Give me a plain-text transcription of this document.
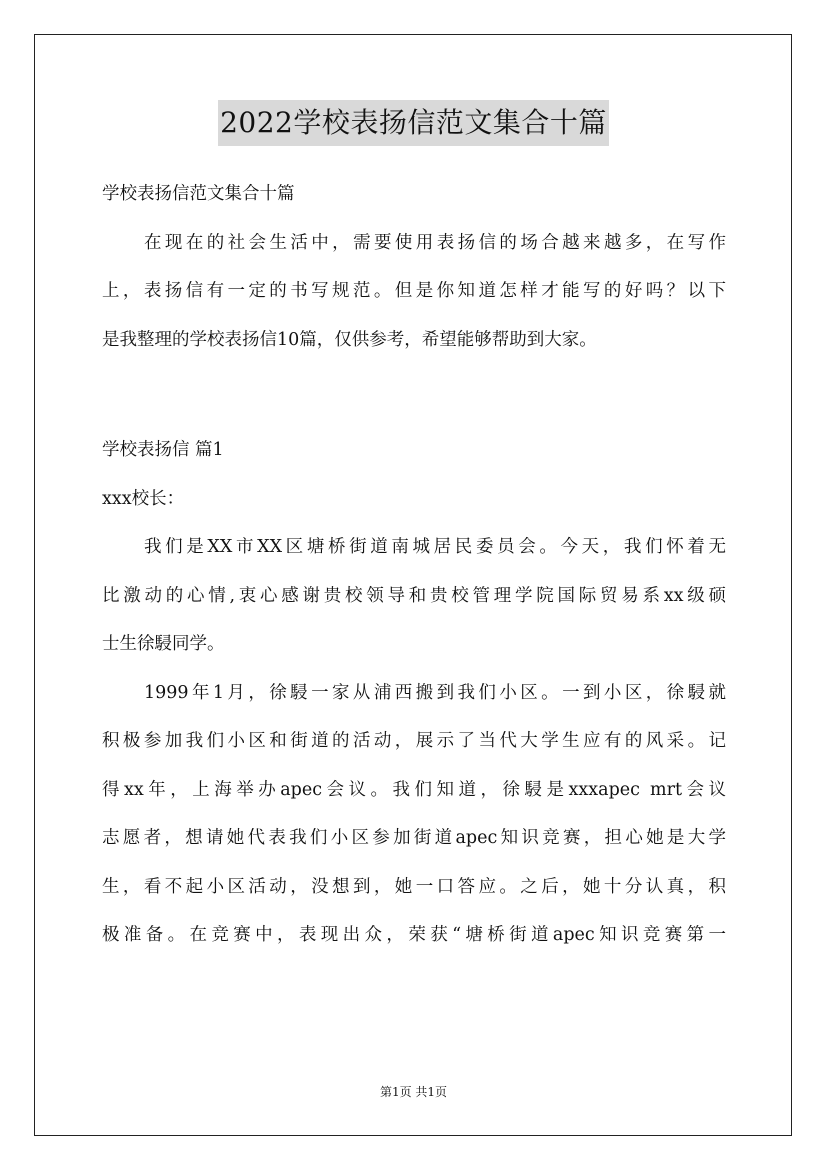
2022学校表扬信范文集合十篇
学校表扬信范文集合十篇
在现在的社会生活中，需要使用表扬信的场合越来越多，在写作
上，表扬信有一定的书写规范。但是你知道怎样才能写的好吗？以下
是我整理的学校表扬信10篇，仅供参考，希望能够帮助到大家。
学校表扬信 篇1
xxx校长：
我们是XX市XX区塘桥街道南城居民委员会。今天，我们怀着无
比激动的心情,衷心感谢贵校领导和贵校管理学院国际贸易系xx级硕
士生徐駸同学。
1999年1月，徐駸一家从浦西搬到我们小区。一到小区，徐駸就
积极参加我们小区和街道的活动，展示了当代大学生应有的风采。记
得xx年，上海举办apec会议。我们知道，徐駸是xxxapec mrt会议
志愿者，想请她代表我们小区参加街道apec知识竞赛，担心她是大学
生，看不起小区活动，没想到，她一口答应。之后，她十分认真，积
极准备。在竞赛中，表现出众，荣获“塘桥街道apec知识竞赛第一
第1页 共1页
